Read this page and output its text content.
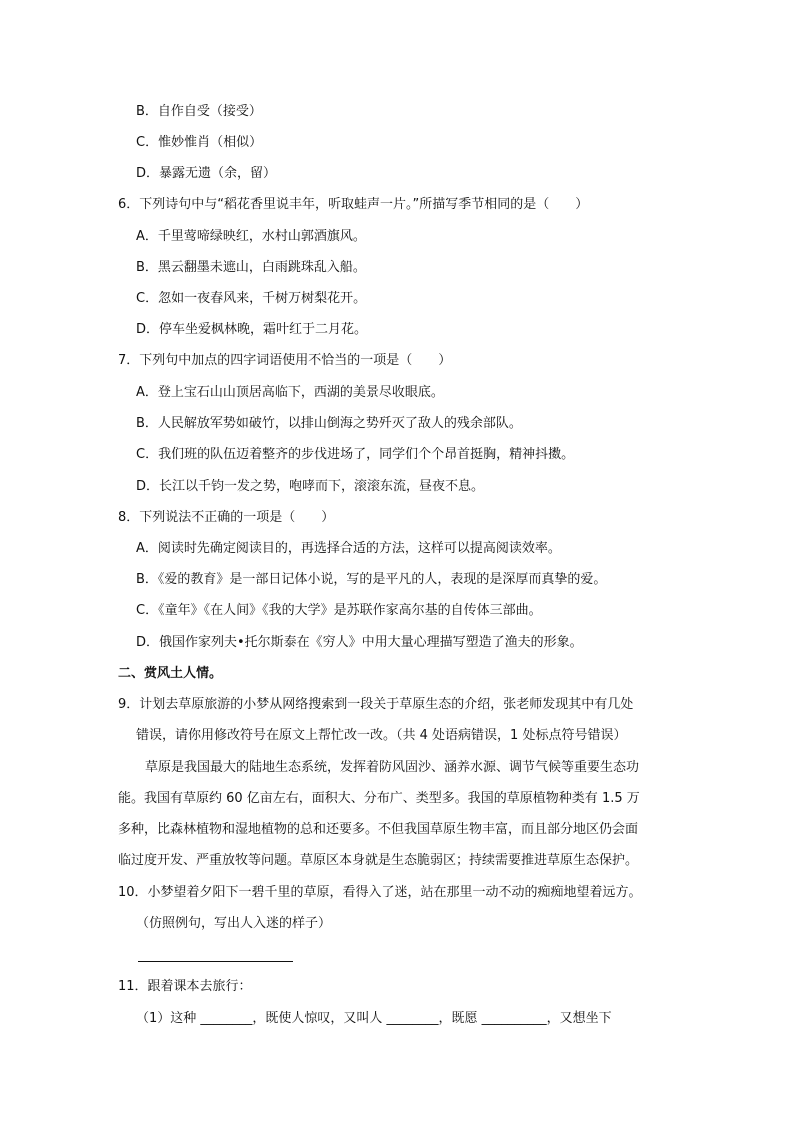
B．自作自受（接受）
C．惟妙惟肖（相似）
D．暴露无遗（余，留）
6．下列诗句中与“稻花香里说丰年，听取蛙声一片。”所描写季节相同的是（　　）
A．千里莺啼绿映红，水村山郭酒旗风。
B．黑云翻墨未遮山，白雨跳珠乱入船。
C．忽如一夜春风来，千树万树梨花开。
D．停车坐爱枫林晚，霜叶红于二月花。
7．下列句中加点的四字词语使用不恰当的一项是（　　）
A．登上宝石山山顶居高临下，西湖的美景尽收眼底。
B．人民解放军势如破竹，以排山倒海之势歼灭了敌人的残余部队。
C．我们班的队伍迈着整齐的步伐进场了，同学们个个昂首挺胸，精神抖擞。
D．长江以千钧一发之势，咆哮而下，滚滚东流，昼夜不息。
8．下列说法不正确的一项是（　　）
A．阅读时先确定阅读目的，再选择合适的方法，这样可以提高阅读效率。
B．《爱的教育》是一部日记体小说，写的是平凡的人，表现的是深厚而真挚的爱。
C．《童年》《在人间》《我的大学》是苏联作家高尔基的自传体三部曲。
D．俄国作家列夫•托尔斯泰在《穷人》中用大量心理描写塑造了渔夫的形象。
二、赏风土人情。
9．计划去草原旅游的小梦从网络搜索到一段关于草原生态的介绍，张老师发现其中有几处
错误，请你用修改符号在原文上帮忙改一改。（共 4 处语病错误，1 处标点符号错误）
草原是我国最大的陆地生态系统，发挥着防风固沙、涵养水源、调节气候等重要生态功
能。我国有草原约 60 亿亩左右，面积大、分布广、类型多。我国的草原植物种类有 1.5 万
多种，比森林植物和湿地植物的总和还要多。不但我国草原生物丰富，而且部分地区仍会面
临过度开发、严重放牧等问题。草原区本身就是生态脆弱区；持续需要推进草原生态保护。
10．小梦望着夕阳下一碧千里的草原，看得入了迷，站在那里一动不动的痴痴地望着远方。
（仿照例句，写出人入迷的样子）
11．跟着课本去旅行：
（1）这种 ________，既使人惊叹，又叫人 ________，既愿 __________，又想坐下
